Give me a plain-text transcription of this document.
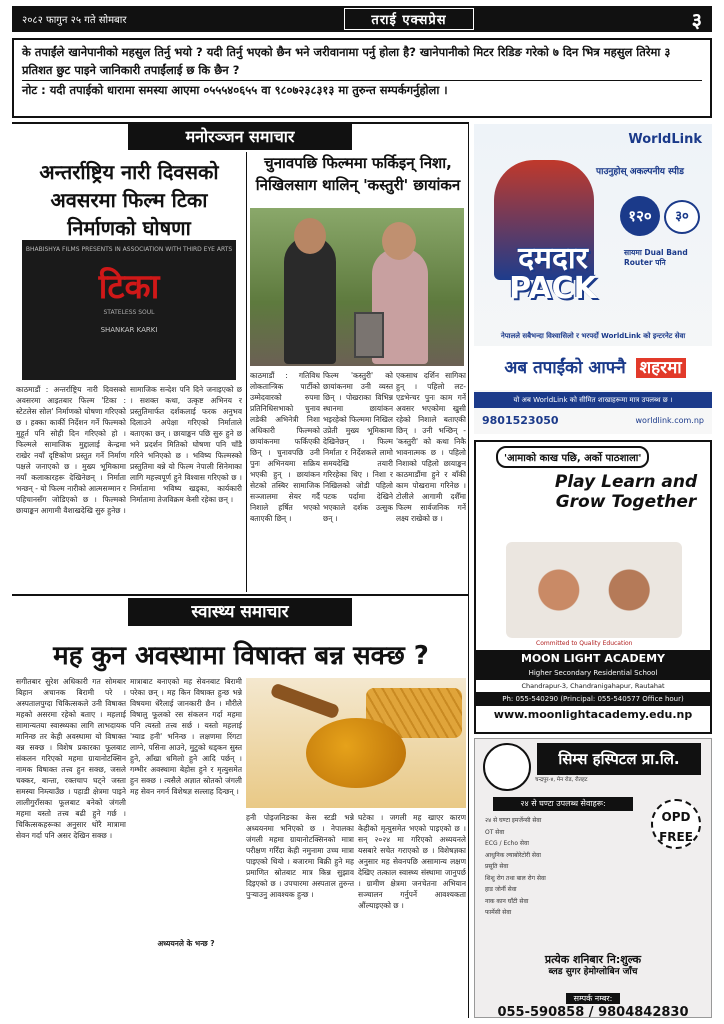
२०८२ फागुन २५ गते सोमबार	तराई एक्सप्रेस	३
के तपाईंले खानेपानीको महसुल तिर्नु भयो ? यदी तिर्नु भएको छैन भने जरीवानामा पर्नु होला है? खानेपानीको मिटर रिडिङ गरेको ७ दिन भित्र महसुल तिरेमा ३ प्रतिशत छुट पाइने जानिकारी तपाईंलाई छ कि छैन ?
नोट : यदी तपाईको धारामा समस्या आएमा ०५५५४०६५५ वा ९८०७२३८३१३ मा तुरुन्त सम्पर्कगर्नुहोला ।
मनोरञ्जन समाचार
अन्तर्राष्ट्रिय नारी दिवसको अवसरमा फिल्म टिका निर्माणको घोषणा
BHABISHYA FILMS PRESENTS IN ASSOCIATION WITH THIRD EYE ARTS
टिका
STATELESS SOUL
SHANKAR KARKI
काठमाडौं : अन्तर्राष्ट्रिय नारी दिवसको अवसरमा आइतबार फिल्म 'टिका : स्टेटलेस सोल' निर्माणको घोषणा गरिएको छ । हक्का कार्की निर्देशन गर्ने फिल्मको मुहूर्त पनि सोही दिन गरिएको हो । फिल्मले सामाजिक मुद्दालाई केन्द्रमा राखेर नयाँ दृष्टिकोण प्रस्तुत गर्ने निर्माण पक्षले जनाएको छ । मुख्य भूमिकामा नयाँ कलाकारहरू देखिनेछन् । निर्माता भन्छन् - यो फिल्म नारीको आत्मसम्मान र पहिचानसँग जोडिएको छ । फिल्मको छायाङ्कन आगामी वैशाखदेखि सुरु हुनेछ ।
सामाजिक सन्देश पनि दिने जनाइएको छ । सशक्त कथा, उत्कृष्ट अभिनय र प्रस्तुतिमार्फत दर्शकलाई फरक अनुभव दिलाउने अपेक्षा गरिएको निर्माताले बताएका छन् । छायाङ्कन पछि सुरु हुने छ भने प्रदर्शन मितिको घोषणा पनि चाँडै गरिने भनिएको छ । भविष्य फिल्मस्को प्रस्तुतिमा बन्ने यो फिल्म नेपाली सिनेमाका लागि महत्त्वपूर्ण हुने विश्वास गरिएको छ । निर्मातामा भविष्य खड्का, कार्यकारी निर्मातामा तेजविक्रम केसी रहेका छन् ।
चुनावपछि फिल्ममा फर्किइन् निशा, निखिलसाग थालिन् 'कस्तुरी' छायांकन
काठमाडौं : गतिविध लोकतान्त्रिक पार्टीको उम्मेदवारको रुपमा प्रतिनिधिसभाको चुनाव लडेकी अभिनेत्री निशा अधिकारी फिल्मको छायांकनमा फर्किएकी छिन् । चुनावपछि उनी पुनः अभिनयमा सक्रिय भएकी हुन् । छायांकन सेटको तस्बिर सामाजिक सञ्जालमा सेयर गर्दै निशाले हर्षित भएको बताएकी छिन् ।
फिल्म 'कस्तुरी' को छायांकनमा उनी व्यस्त छिन् । पोखराका विभिन्न स्थानमा छायांकन भइरहेको फिल्ममा निखिल उप्रेती मुख्य भूमिकामा देखिनेछन् । फिल्म निर्माता र निर्देशकले लामो समयदेखि तयारी गरिरहेका थिए । निशा र निखिलको जोडी पहिलो पटक पर्दामा देखिने भएकाले दर्शक उत्सुक छन् ।
एकसाथ दर्शिन सागिका हुन् । पहिलो लट-एडभेन्चर पुनः काम गर्ने अवसर भएकोमा खुसी रहेको निशाले बताएकी छिन् । उनी भन्छिन् - 'कस्तुरी' को कथा निकै भावनात्मक छ । पहिलो निशाको पहिलो छायाङ्कन काठमाडौंमा हुने र बाँकी काम पोखरामा गरिनेछ । टोलीले आगामी दशैँमा फिल्म सार्वजनिक गर्ने लक्ष्य राखेको छ ।
स्वास्थ्य समाचार
मह कुन अवस्थामा विषाक्त बन्न सक्छ ?
सगीतबार सुरेश अधिकारी गत सोमबार बिहान अचानक बिरामी परे । अस्पतालपुग्दा चिकित्सकले उनी विषाक्त महको असरमा रहेको बताए । महलाई सामान्यतया स्वास्थ्यका लागि लाभदायक मानिन्छ तर केही अवस्थामा यो विषाक्त बन्न सक्छ । विशेष प्रकारका फूलबाट संकलन गरिएको महमा ग्रायानोटक्सिन नामक विषाक्त तत्त्व हुन सक्छ, जसले चक्कर, बान्ता, रक्तचाप घट्ने जस्ता समस्या निम्त्याउँछ । पहाडी क्षेत्रमा पाइने लालीगुराँसका फूलबाट बनेको जंगली महमा यस्तो तत्त्व बढी हुने गर्छ । चिकित्सकहरूका अनुसार थोरै मात्रामा सेवन गर्दा पनि असर देखिन सक्छ ।
मात्राबाट बनाएको मह सेवनबाट बिरामी परेका छन् । मह किन विषाक्त हुन्छ भन्ने विषयमा धेरैलाई जानकारी छैन । मौरीले विषालु फूलको रस संकलन गर्दा महमा पनि त्यस्तो तत्त्व सर्छ । यस्तो महलाई 'म्याड हनी' भनिन्छ । लक्षणमा रिंगटा लाग्ने, पसिना आउने, मुटुको धड्कन सुस्त हुने, आँखा धमिलो हुने आदि पर्छन् । गम्भीर अवस्थामा बेहोस हुने र मृत्युसमेत हुन सक्छ । त्यसैले अज्ञात स्रोतको जंगली मह सेवन नगर्न विशेषज्ञ सल्लाह दिन्छन् ।
अध्ययनले के भन्छ ?
हनी पोइजनिङका केस स्टडी भन्ने अध्ययनमा भनिएको छ । नेपालका जंगली महमा ग्रायानोटक्सिनको मात्रा परीक्षण गरिँदा केही नमुनामा उच्च मात्रा पाइएको थियो । बजारमा बिक्री हुने मह प्रमाणित स्रोतबाट मात्र किन्न सुझाव दिइएको छ । उपचारमा अस्पताल तुरुन्त पुर्‍याउनु आवश्यक हुन्छ ।
घटेका । जगली मह खाएर कारण केहीको मृत्युसमेत भएको पाइएको छ । सन् २०२४ मा गरिएको अध्ययनले यसबारे सचेत गराएको छ । विशेषज्ञका अनुसार मह सेवनपछि असामान्य लक्षण देखिए तत्काल स्वास्थ्य संस्थामा जानुपर्छ । ग्रामीण क्षेत्रमा जनचेतना अभियान सञ्चालन गर्नुपर्ने आवश्यकता औंल्याइएको छ ।
WorldLink
पाउनुहोस् अकल्पनीय स्पीड
१२०	३०
दमदार PACK
सायमा Dual Band Router पनि
नेपालले सबैभन्दा विश्वासिलो र भरपर्दो WorldLink को इन्टरनेट सेवा
अब तपाईंको आफ्नै शहरमा
यो अब WorldLink को सीमित शाखाहरूमा मात्र उपलब्ध छ ।
9801523050	worldlink.com.np
'आमाको काख पछि, अर्को पाठशाला'
Play Learn and Grow Together
Committed to Quality Education
MOON LIGHT ACADEMY
Higher Secondary Residential School
Chandrapur-3, Chandranigahapur, Rautahat
Ph: 055-540290 (Principal: 055-540577 Office hour)
www.moonlightacademy.edu.np
सिम्स हस्पिटल प्रा.लि.
चन्द्रपुर-४, मेन रोड, रौतहट
२४ से घण्टा उपलब्ध सेवाहरू:
OPD FREE
२४ से घण्टा इमर्जेन्सी सेवा
OT सेवा
ECG / Echo सेवा
आधुनिक ल्याबोरेटोरी सेवा
प्रसूति सेवा
शिशु रोग तथा बाल रोग सेवा
हाड जोर्नी सेवा
नाक कान घाँटी सेवा
फार्मेसी सेवा
प्रत्येक शनिबार नि:शुल्क
ब्लड सुगर हेमोग्लोबिन जाँच
सम्पर्क नम्बर:
055-590858 / 9804842830
